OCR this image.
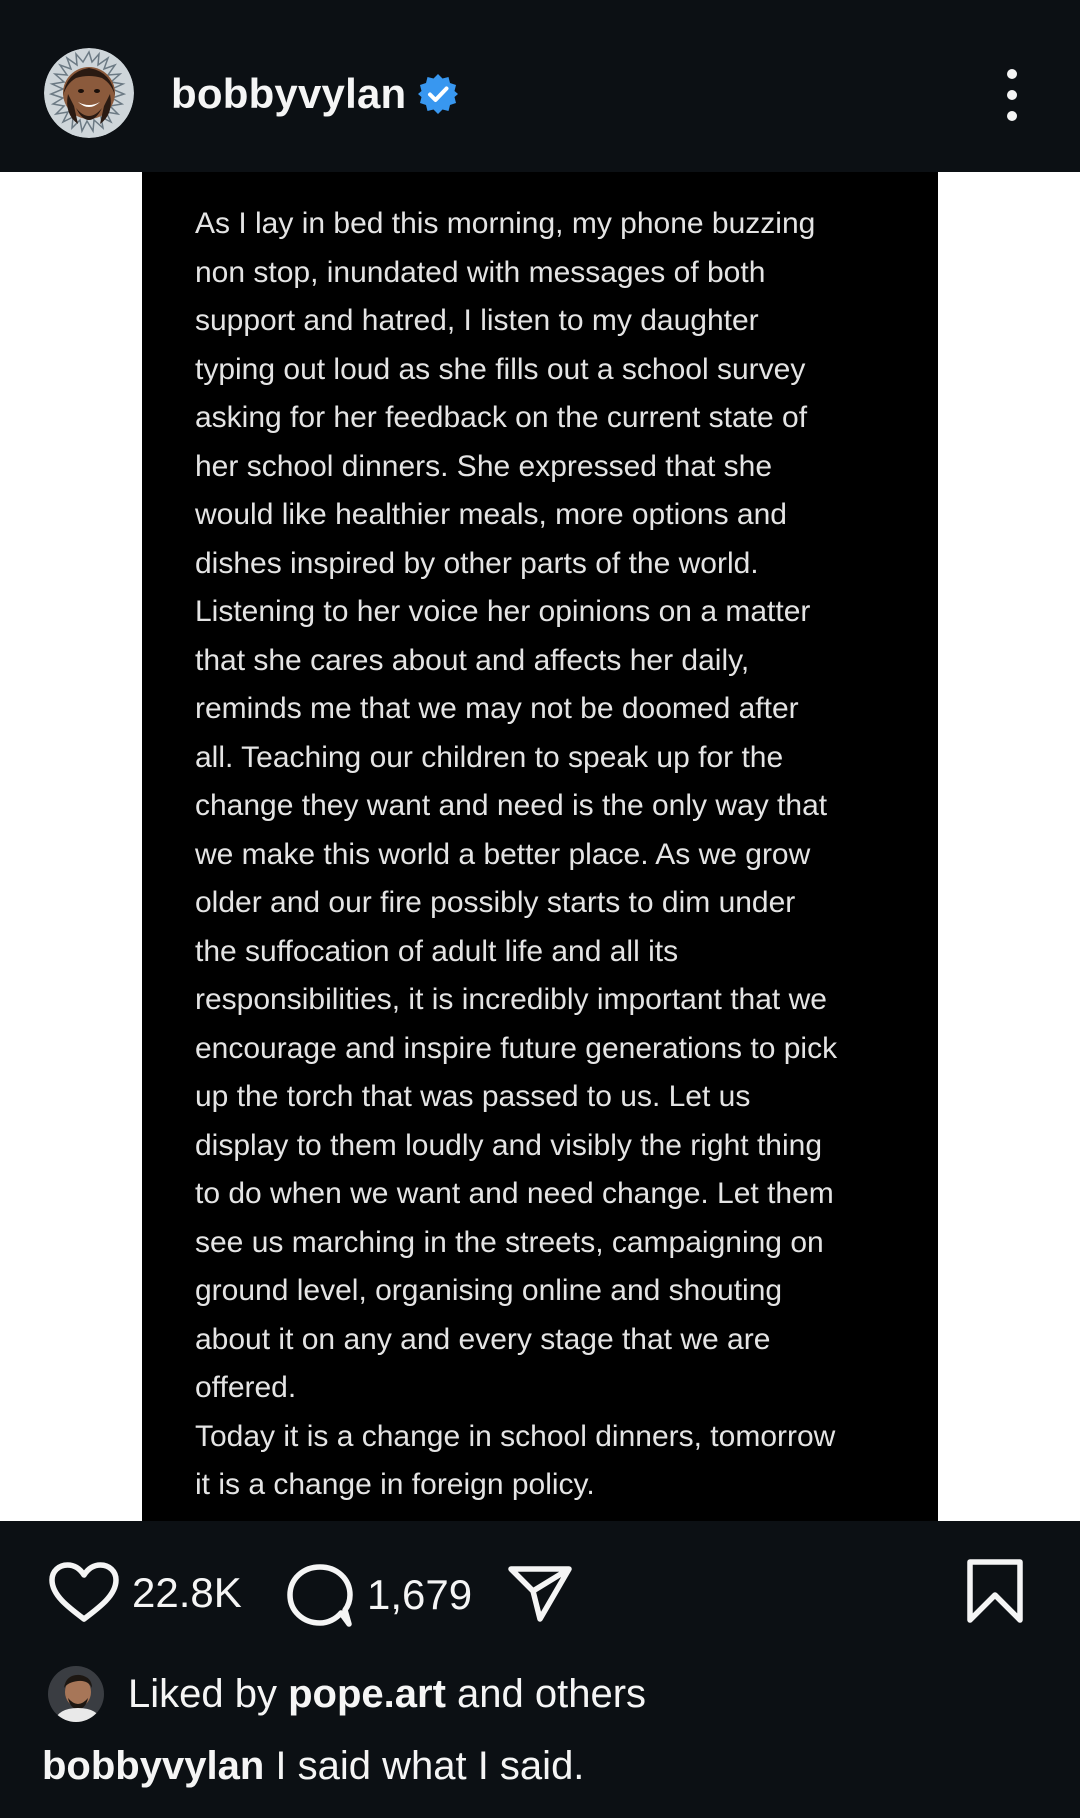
bobbyvylan

As I lay in bed this morning, my phone buzzing
non stop, inundated with messages of both
support and hatred, I listen to my daughter
typing out loud as she fills out a school survey
asking for her feedback on the current state of
her school dinners. She expressed that she
would like healthier meals, more options and
dishes inspired by other parts of the world.
Listening to her voice her opinions on a matter
that she cares about and affects her daily,
reminds me that we may not be doomed after
all. Teaching our children to speak up for the
change they want and need is the only way that
we make this world a better place. As we grow
older and our fire possibly starts to dim under
the suffocation of adult life and all its
responsibilities, it is incredibly important that we
encourage and inspire future generations to pick
up the torch that was passed to us. Let us
display to them loudly and visibly the right thing
to do when we want and need change. Let them
see us marching in the streets, campaigning on
ground level, organising online and shouting
about it on any and every stage that we are
offered.
Today it is a change in school dinners, tomorrow
it is a change in foreign policy.

22.8K	1,679
Liked by pope.art and others
bobbyvylan I said what I said.
